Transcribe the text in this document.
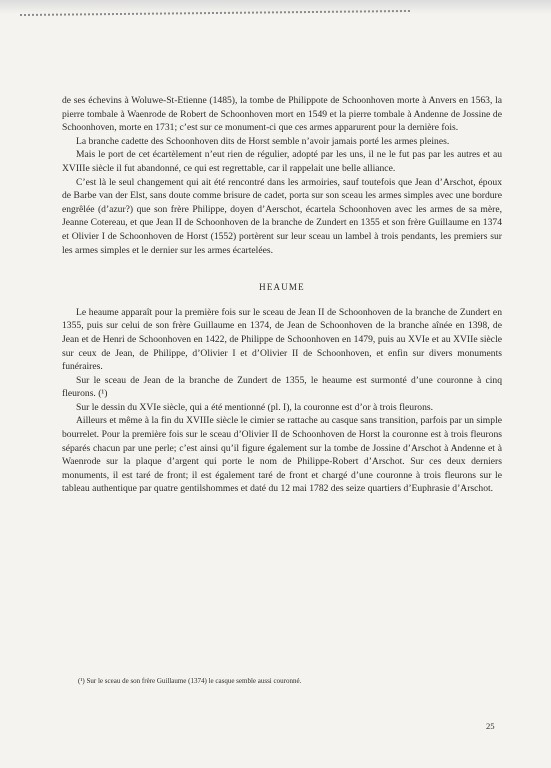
de ses échevins à Woluwe-St-Etienne (1485), la tombe de Philippote de Schoonhoven morte à Anvers en 1563, la pierre tombale à Waenrode de Robert de Schoonhoven mort en 1549 et la pierre tombale à Andenne de Jossine de Schoonhoven, morte en 1731; c’est sur ce monument-ci que ces armes apparurent pour la dernière fois.

La branche cadette des Schoonhoven dits de Horst semble n’avoir jamais porté les armes pleines.

Mais le port de cet écartèlement n’eut rien de régulier, adopté par les uns, il ne le fut pas par les autres et au XVIIIe siècle il fut abandonné, ce qui est regrettable, car il rappelait une belle alliance.

C’est là le seul changement qui ait été rencontré dans les armoiries, sauf toutefois que Jean d’Arschot, époux de Barbe van der Elst, sans doute comme brisure de cadet, porta sur son sceau les armes simples avec une bordure engrêlée (d’azur?) que son frère Philippe, doyen d’Aerschot, écartela Schoonhoven avec les armes de sa mère, Jeanne Cotereau, et que Jean II de Schoonhoven de la branche de Zundert en 1355 et son frère Guillaume en 1374 et Olivier I de Schoonhoven de Horst (1552) portèrent sur leur sceau un lambel à trois pendants, les premiers sur les armes simples et le dernier sur les armes écartelées.

HEAUME

Le heaume apparaît pour la première fois sur le sceau de Jean II de Schoonhoven de la branche de Zundert en 1355, puis sur celui de son frère Guillaume en 1374, de Jean de Schoonhoven de la branche aînée en 1398, de Jean et de Henri de Schoonhoven en 1422, de Philippe de Schoonhoven en 1479, puis au XVIe et au XVIIe siècle sur ceux de Jean, de Philippe, d’Olivier I et d’Olivier II de Schoonhoven, et enfin sur divers monuments funéraires.

Sur le sceau de Jean de la branche de Zundert de 1355, le heaume est surmonté d’une couronne à cinq fleurons. (¹)

Sur le dessin du XVIe siècle, qui a été mentionné (pl. I), la couronne est d’or à trois fleurons.

Ailleurs et même à la fin du XVIIIe siècle le cimier se rattache au casque sans transition, parfois par un simple bourrelet. Pour la première fois sur le sceau d’Olivier II de Schoonhoven de Horst la couronne est à trois fleurons séparés chacun par une perle; c’est ainsi qu’il figure également sur la tombe de Jossine d’Arschot à Andenne et à Waenrode sur la plaque d’argent qui porte le nom de Philippe-Robert d’Arschot. Sur ces deux derniers monuments, il est taré de front; il est également taré de front et chargé d’une couronne à trois fleurons sur le tableau authentique par quatre gentilshommes et daté du 12 mai 1782 des seize quartiers d’Euphrasie d’Arschot.

(¹) Sur le sceau de son frère Guillaume (1374) le casque semble aussi couronné.
25
